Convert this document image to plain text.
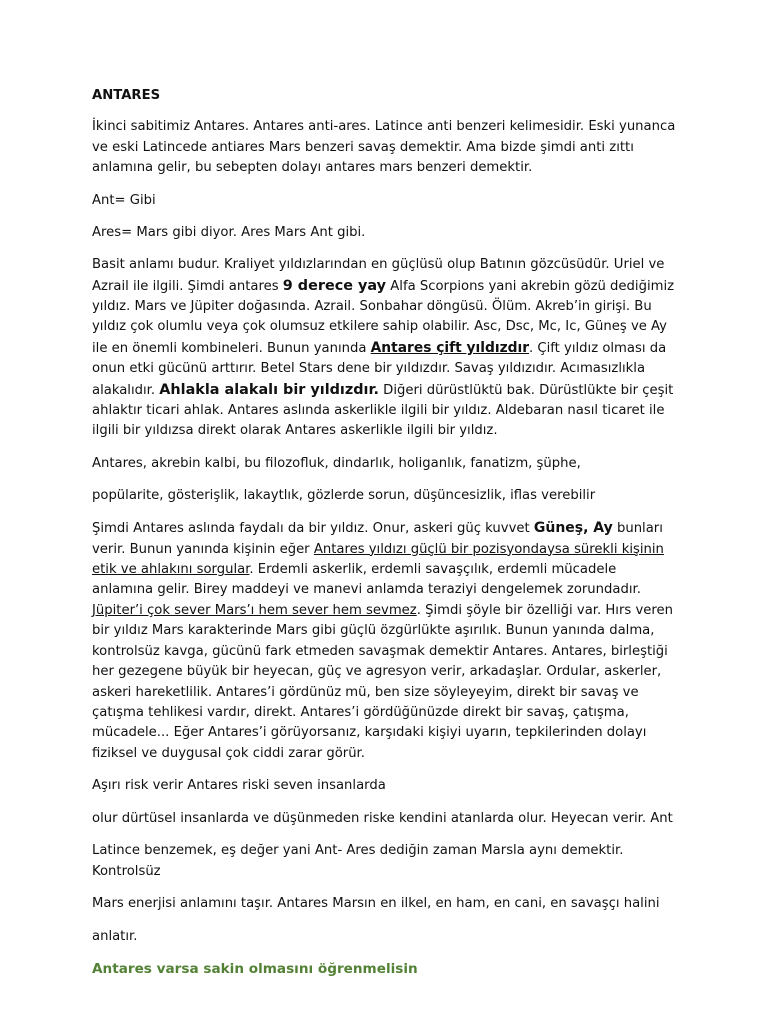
ANTARES

İkinci sabitimiz Antares. Antares anti-ares. Latince anti benzeri kelimesidir. Eski yunanca ve eski Latincede antiares Mars benzeri savaş demektir. Ama bizde şimdi anti zıttı anlamına gelir, bu sebepten dolayı antares mars benzeri demektir.

Ant= Gibi

Ares= Mars gibi diyor. Ares Mars Ant gibi.

Basit anlamı budur. Kraliyet yıldızlarından en güçlüsü olup Batının gözcüsüdür. Uriel ve Azrail ile ilgili. Şimdi antares 9 derece yay Alfa Scorpions yani akrebin gözü dediğimiz yıldız. Mars ve Jüpiter doğasında. Azrail. Sonbahar döngüsü. Ölüm. Akreb’in girişi. Bu yıldız çok olumlu veya çok olumsuz etkilere sahip olabilir. Asc, Dsc, Mc, Ic, Güneş ve Ay ile en önemli kombineleri. Bunun yanında Antares çift yıldızdır. Çift yıldız olması da onun etki gücünü arttırır. Betel Stars dene bir yıldızdır. Savaş yıldızıdır. Acımasızlıkla alakalıdır. Ahlakla alakalı bir yıldızdır. Diğeri dürüstlüktü bak. Dürüstlükte bir çeşit ahlaktır ticari ahlak. Antares aslında askerlikle ilgili bir yıldız. Aldebaran nasıl ticaret ile ilgili bir yıldızsa direkt olarak Antares askerlikle ilgili bir yıldız.

Antares, akrebin kalbi, bu filozofluk, dindarlık, holiganlık, fanatizm, şüphe,

popülarite, gösterişlik, lakaytlık, gözlerde sorun, düşüncesizlik, iflas verebilir

Şimdi Antares aslında faydalı da bir yıldız. Onur, askeri güç kuvvet Güneş, Ay bunları verir. Bunun yanında kişinin eğer Antares yıldızı güçlü bir pozisyondaysa sürekli kişinin etik ve ahlakını sorgular. Erdemli askerlik, erdemli savaşçılık, erdemli mücadele anlamına gelir. Birey maddeyi ve manevi anlamda teraziyi dengelemek zorundadır. Jüpiter’i çok sever Mars’ı hem sever hem sevmez. Şimdi şöyle bir özelliği var. Hırs veren bir yıldız Mars karakterinde Mars gibi güçlü özgürlükte aşırılık. Bunun yanında dalma, kontrolsüz kavga, gücünü fark etmeden savaşmak demektir Antares. Antares, birleştiği her gezegene büyük bir heyecan, güç ve agresyon verir, arkadaşlar. Ordular, askerler, askeri hareketlilik. Antares’i gördünüz mü, ben size söyleyeyim, direkt bir savaş ve çatışma tehlikesi vardır, direkt. Antares’i gördüğünüzde direkt bir savaş, çatışma, mücadele... Eğer Antares’i görüyorsanız, karşıdaki kişiyi uyarın, tepkilerinden dolayı fiziksel ve duygusal çok ciddi zarar görür.

Aşırı risk verir Antares riski seven insanlarda
olur dürtüsel insanlarda ve düşünmeden riske kendini atanlarda olur. Heyecan verir. Ant
Latince benzemek, eş değer yani Ant- Ares dediğin zaman Marsla aynı demektir. Kontrolsüz
Mars enerjisi anlamını taşır. Antares Marsın en ilkel, en ham, en cani, en savaşçı halini
anlatır.
Antares varsa sakin olmasını öğrenmelisin
